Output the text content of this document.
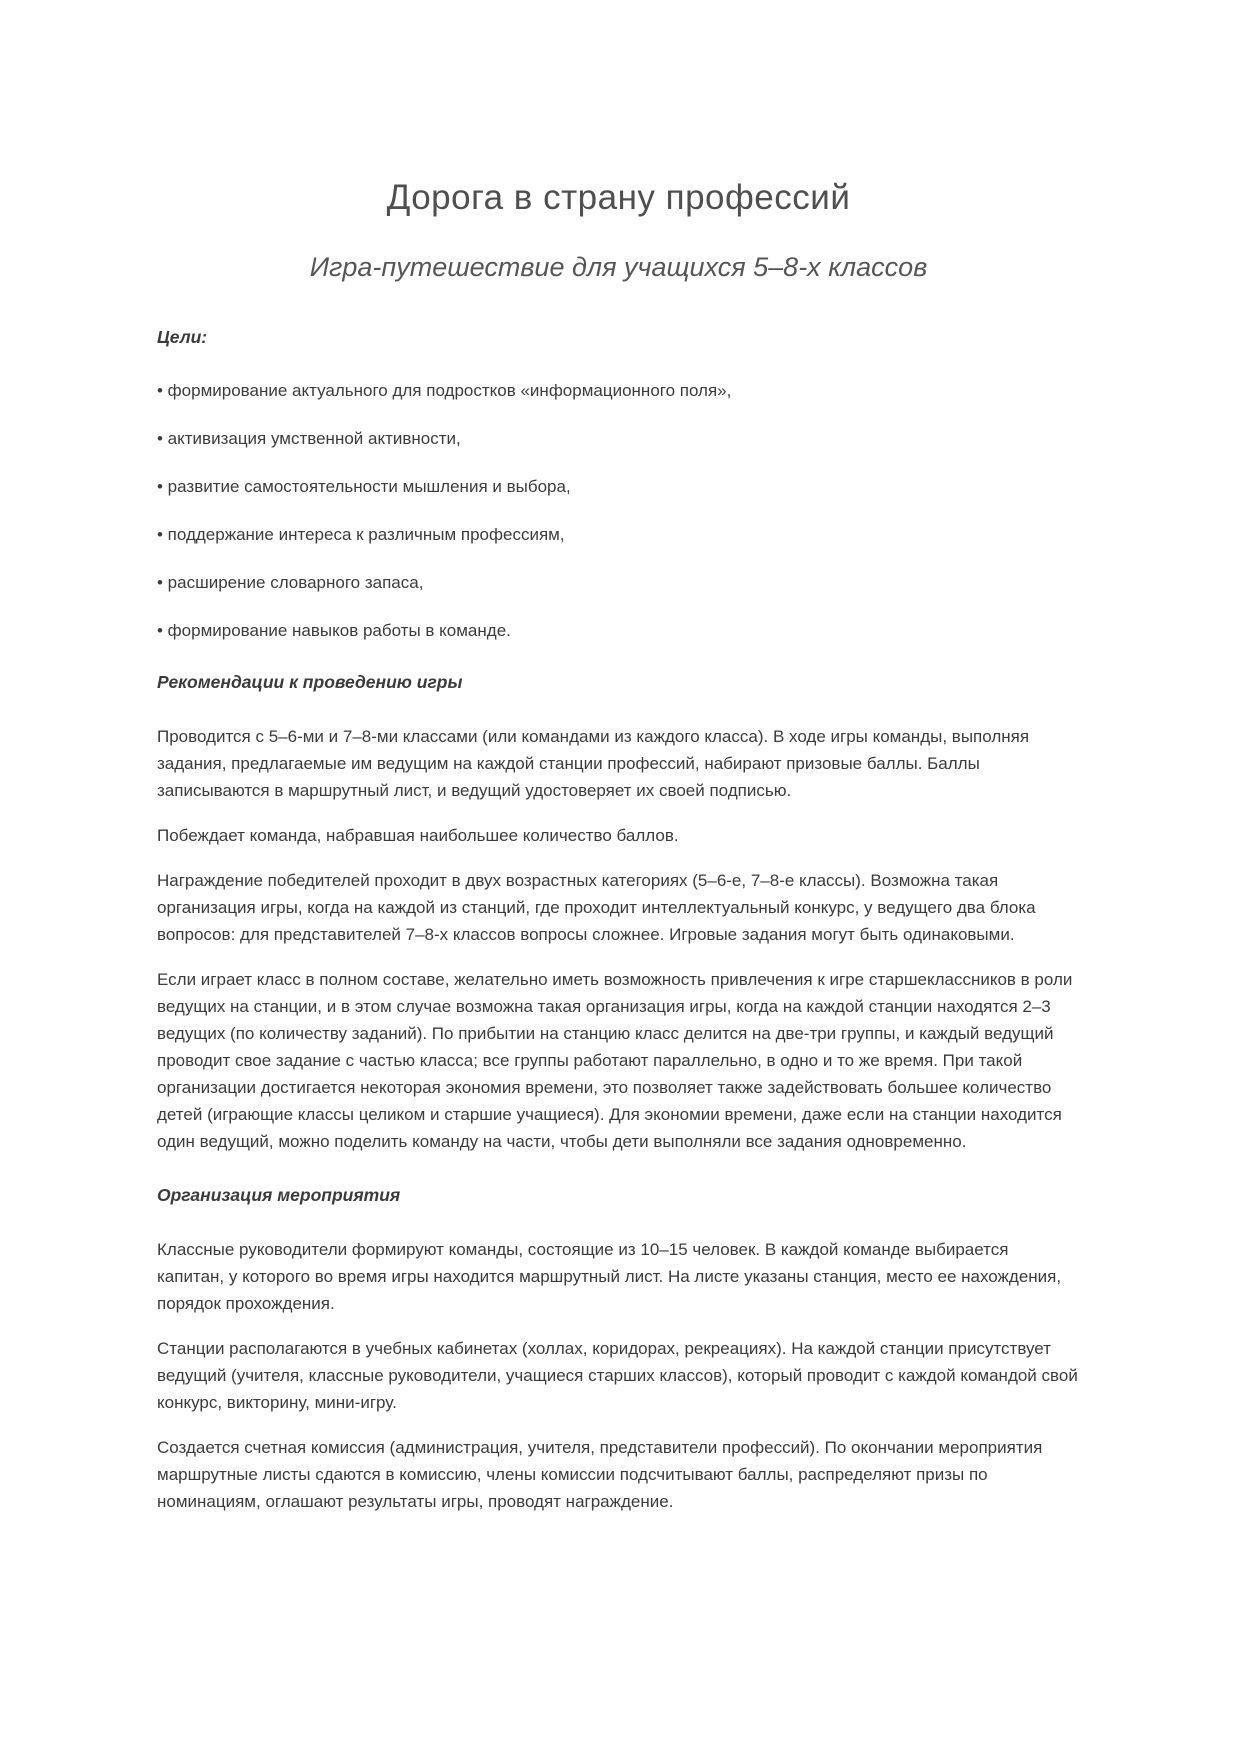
Дорога в страну профессий
Игра-путешествие для учащихся 5–8-х классов
Цели:

• формирование актуального для подростков «информационного поля»,

• активизация умственной активности,

• развитие самостоятельности мышления и выбора,

• поддержание интереса к различным профессиям,

• расширение словарного запаса,

• формирование навыков работы в команде.

Рекомендации к проведению игры

Проводится с 5–6-ми и 7–8-ми классами (или командами из каждого класса). В ходе игры команды, выполняя задания, предлагаемые им ведущим на каждой станции профессий, набирают призовые баллы. Баллы записываются в маршрутный лист, и ведущий удостоверяет их своей подписью.

Побеждает команда, набравшая наибольшее количество баллов.

Награждение победителей проходит в двух возрастных категориях (5–6-е, 7–8-е классы). Возможна такая организация игры, когда на каждой из станций, где проходит интеллектуальный конкурс, у ведущего два блока вопросов: для представителей 7–8-х классов вопросы сложнее. Игровые задания могут быть одинаковыми.

Если играет класс в полном составе, желательно иметь возможность привлечения к игре старшеклассников в роли ведущих на станции, и в этом случае возможна такая организация игры, когда на каждой станции находятся 2–3 ведущих (по количеству заданий). По прибытии на станцию класс делится на две-три группы, и каждый ведущий проводит свое задание с частью класса; все группы работают параллельно, в одно и то же время. При такой организации достигается некоторая экономия времени, это позволяет также задействовать большее количество детей (играющие классы целиком и старшие учащиеся). Для экономии времени, даже если на станции находится один ведущий, можно поделить команду на части, чтобы дети выполняли все задания одновременно.

Организация мероприятия

Классные руководители формируют команды, состоящие из 10–15 человек. В каждой команде выбирается капитан, у которого во время игры находится маршрутный лист. На листе указаны станция, место ее нахождения, порядок прохождения.

Станции располагаются в учебных кабинетах (холлах, коридорах, рекреациях). На каждой станции присутствует ведущий (учителя, классные руководители, учащиеся старших классов), который проводит с каждой командой свой конкурс, викторину, мини-игру.

Создается счетная комиссия (администрация, учителя, представители профессий). По окончании мероприятия маршрутные листы сдаются в комиссию, члены комиссии подсчитывают баллы, распределяют призы по номинациям, оглашают результаты игры, проводят награждение.
